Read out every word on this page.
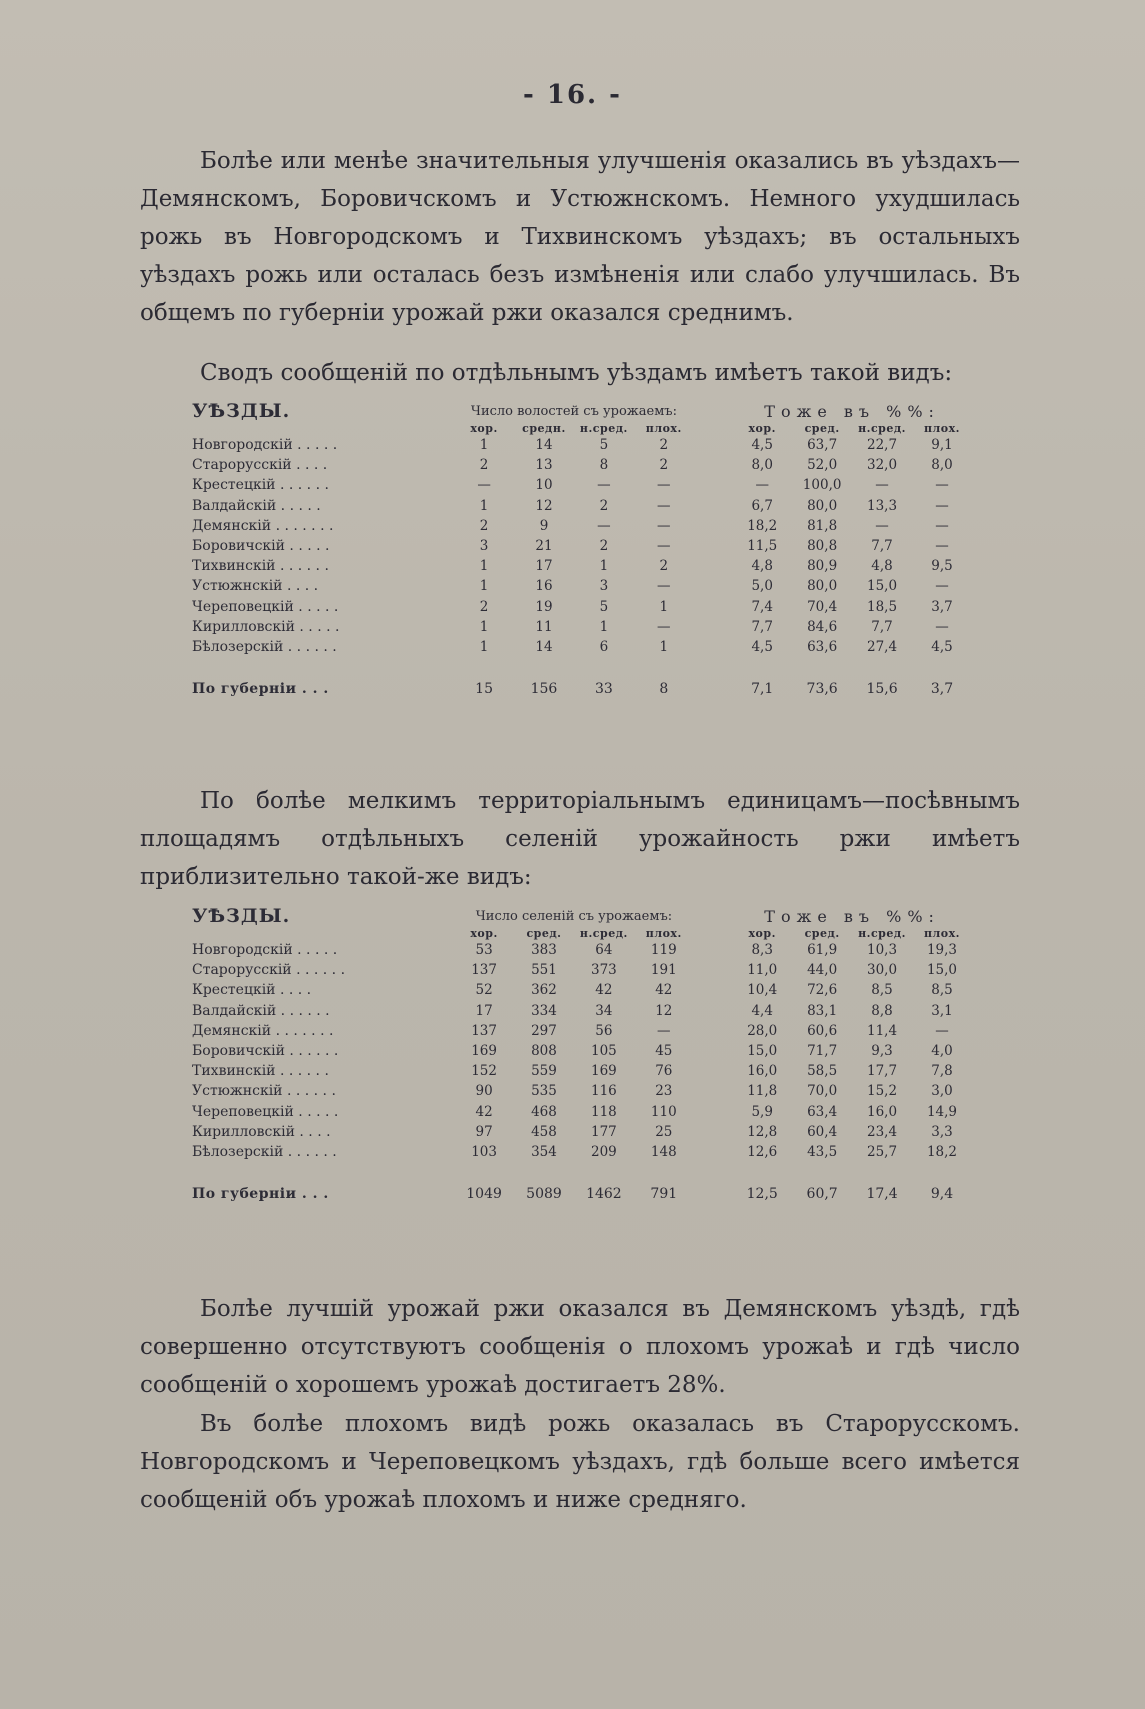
- 16. -

Болѣе или менѣе значительныя улучшенія оказались въ уѣздахъ—Демянскомъ, Боровичскомъ и Устюжнскомъ. Немного ухудшилась рожь въ Новгородскомъ и Тихвинскомъ уѣздахъ; въ остальныхъ уѣздахъ рожь или осталась безъ измѣненія или слабо улучшилась. Въ общемъ по губерніи урожай ржи оказался среднимъ.

Сводъ сообщеній по отдѣльнымъ уѣздамъ имѣетъ такой видъ:

УѢЗДЫ.	Число волостей съ урожаемъ:					Тоже въ %%:			

	хор.	средн.	н.сред.	плох.		хор.	сред.	н.сред.	плох.
Новгородскій . . . . .	1	14	5	2		4,5	63,7	22,7	9,1
Старорусскій . . . .	2	13	8	2		8,0	52,0	32,0	8,0
Крестецкій . . . . . .	—	10	—	—		—	100,0	—	—
Валдайскій . . . . .	1	12	2	—		6,7	80,0	13,3	—
Демянскій . . . . . . .	2	9	—	—		18,2	81,8	—	—
Боровичскій . . . . .	3	21	2	—		11,5	80,8	7,7	—
Тихвинскій . . . . . .	1	17	1	2		4,8	80,9	4,8	9,5
Устюжнскій . . . .	1	16	3	—		5,0	80,0	15,0	—
Череповецкій . . . . .	2	19	5	1		7,4	70,4	18,5	3,7
Кирилловскій . . . . .	1	11	1	—		7,7	84,6	7,7	—
Бѣлозерскій . . . . . .	1	14	6	1		4,5	63,6	27,4	4,5
По губерніи . . .	15	156	33	8		7,1	73,6	15,6	3,7

По болѣе мелкимъ территоріальнымъ единицамъ—посѣвнымъ площадямъ отдѣльныхъ селеній урожайность ржи имѣетъ приблизительно такой-же видъ:

УѢЗДЫ.	Число селеній съ урожаемъ:					Тоже въ %%:			

	хор.	сред.	н.сред.	плох.		хор.	сред.	н.сред.	плох.
Новгородскій . . . . .	53	383	64	119		8,3	61,9	10,3	19,3
Старорусскій . . . . . .	137	551	373	191		11,0	44,0	30,0	15,0
Крестецкій . . . .	52	362	42	42		10,4	72,6	8,5	8,5
Валдайскій . . . . . .	17	334	34	12		4,4	83,1	8,8	3,1
Демянскій . . . . . . .	137	297	56	—		28,0	60,6	11,4	—
Боровичскій . . . . . .	169	808	105	45		15,0	71,7	9,3	4,0
Тихвинскій . . . . . .	152	559	169	76		16,0	58,5	17,7	7,8
Устюжнскій . . . . . .	90	535	116	23		11,8	70,0	15,2	3,0
Череповецкій . . . . .	42	468	118	110		5,9	63,4	16,0	14,9
Кирилловскій . . . .	97	458	177	25		12,8	60,4	23,4	3,3
Бѣлозерскій . . . . . .	103	354	209	148		12,6	43,5	25,7	18,2
По губерніи . . .	1049	5089	1462	791		12,5	60,7	17,4	9,4

Болѣе лучшій урожай ржи оказался въ Демянскомъ уѣздѣ, гдѣ совершенно отсутствуютъ сообщенія о плохомъ урожаѣ и гдѣ число сообщеній о хорошемъ урожаѣ достигаетъ 28%.

Въ болѣе плохомъ видѣ рожь оказалась въ Старорусскомъ. Новгородскомъ и Череповецкомъ уѣздахъ, гдѣ больше всего имѣется сообщеній объ урожаѣ плохомъ и ниже средняго.
